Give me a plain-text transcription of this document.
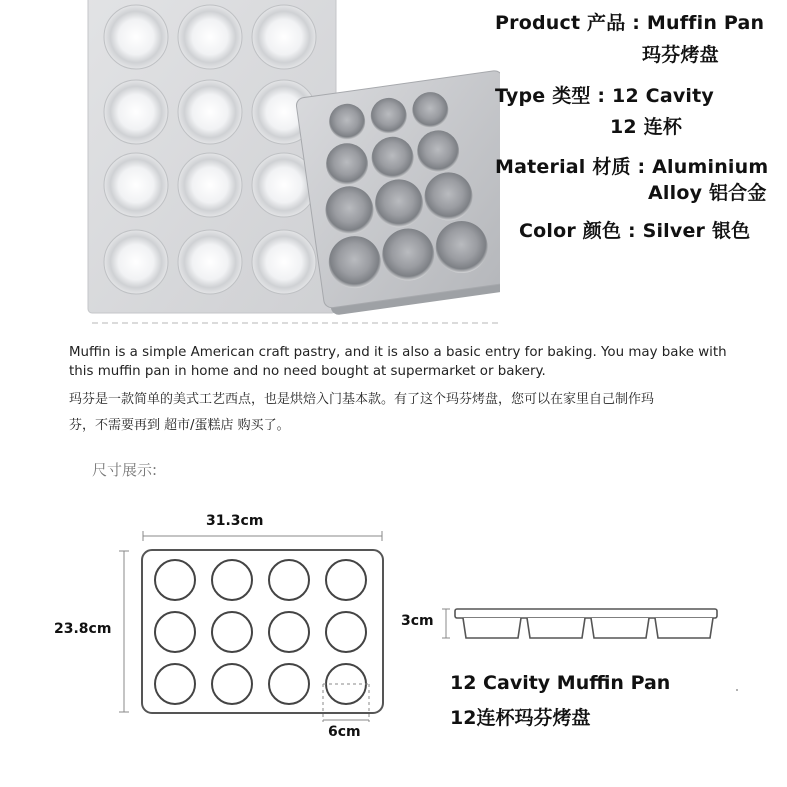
Product 产品 : Muffin Pan
玛芬烤盘
Type 类型 : 12 Cavity
12 连杯
Material 材质 : Aluminium
Alloy 铝合金
Color 颜色 : Silver 银色
Muffin is a simple American craft pastry, and it is also a basic entry for baking. You may bake with
this muffin pan in home and no need bought at supermarket or bakery.
玛芬是一款简单的美式工艺西点，也是烘焙入门基本款。有了这个玛芬烤盘，您可以在家里自己制作玛
芬，不需要再到 超市/蛋糕店 购买了。
尺寸展示:
31.3cm
23.8cm	3cm
6cm
12 Cavity Muffin Pan
12连杯玛芬烤盘
